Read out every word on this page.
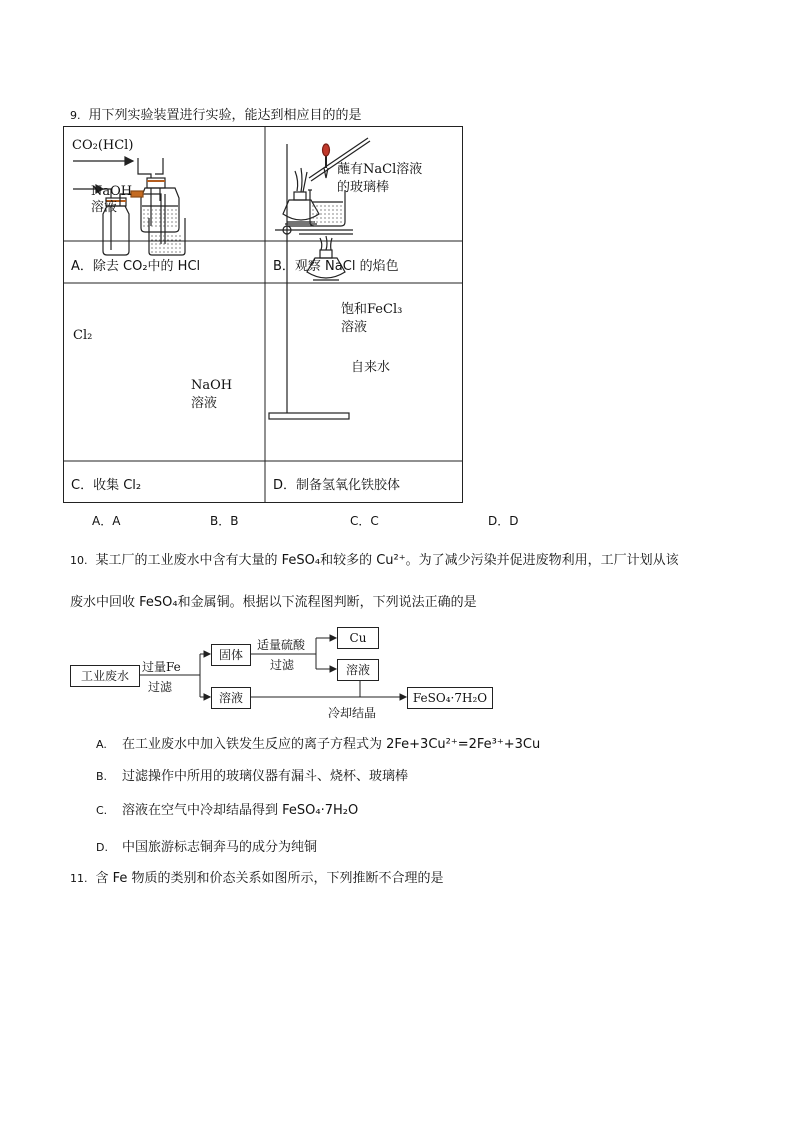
9. 用下列实验装置进行实验，能达到相应目的的是
CO₂(HCl)
NaOH
溶液
A．除去 CO₂中的 HCl
蘸有NaCl溶液
的玻璃棒
B．观察 NaCl 的焰色
Cl₂
NaOH
溶液
C．收集 Cl₂
饱和FeCl₃
溶液
自来水
D．制备氢氧化铁胶体
A．A	B．B	C．C	D．D
10. 某工厂的工业废水中含有大量的 FeSO₄和较多的 Cu²⁺。为了减少污染并促进废物利用，工厂计划从该
废水中回收 FeSO₄和金属铜。根据以下流程图判断，下列说法正确的是
工业废水
过量Fe
过滤
固体
适量硫酸
过滤
Cu
溶液
溶液	FeSO₄·7H₂O
冷却结晶
A. 在工业废水中加入铁发生反应的离子方程式为 2Fe+3Cu²⁺=2Fe³⁺+3Cu
B. 过滤操作中所用的玻璃仪器有漏斗、烧杯、玻璃棒
C. 溶液在空气中冷却结晶得到 FeSO₄·7H₂O
D. 中国旅游标志铜奔马的成分为纯铜
11. 含 Fe 物质的类别和价态关系如图所示，下列推断不合理的是
